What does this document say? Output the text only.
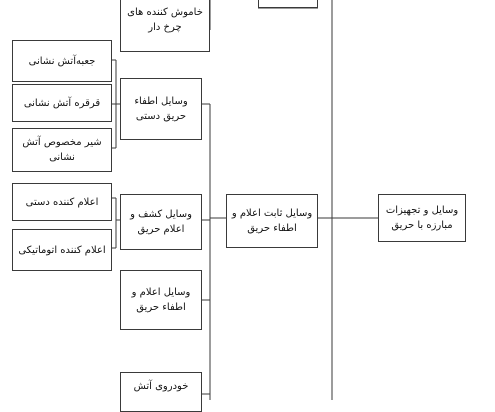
وسایل و تجهیزات مبارزه با حریق
وسایل ثابت اعلام و اطفاء حریق
خاموش کننده های چرخ دار
وسایل اطفاء حریق دستی
وسایل کشف و اعلام حریق
وسایل اعلام و اطفاء حریق
خودروی آتش
جعبه‌آتش نشانی
قرقره آتش نشانی
شیر مخصوص آتش نشانی
اعلام کننده دستی
اعلام کننده اتوماتیکی
